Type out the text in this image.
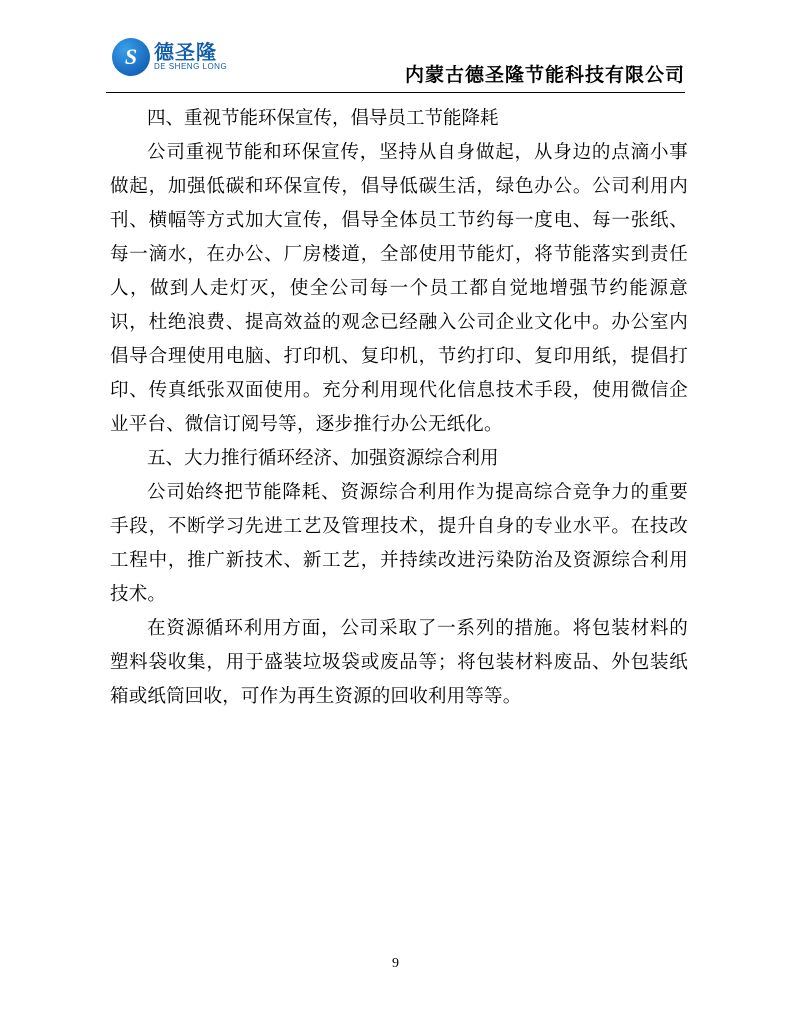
S
德圣隆
DE SHENG LONG	内蒙古德圣隆节能科技有限公司

四、重视节能环保宣传，倡导员工节能降耗

公司重视节能和环保宣传，坚持从自身做起，从身边的点滴小事做起，加强低碳和环保宣传，倡导低碳生活，绿色办公。公司利用内刊、横幅等方式加大宣传，倡导全体员工节约每一度电、每一张纸、每一滴水，在办公、厂房楼道，全部使用节能灯，将节能落实到责任人，做到人走灯灭，使全公司每一个员工都自觉地增强节约能源意识，杜绝浪费、提高效益的观念已经融入公司企业文化中。办公室内倡导合理使用电脑、打印机、复印机，节约打印、复印用纸，提倡打印、传真纸张双面使用。充分利用现代化信息技术手段，使用微信企业平台、微信订阅号等，逐步推行办公无纸化。

五、大力推行循环经济、加强资源综合利用

公司始终把节能降耗、资源综合利用作为提高综合竞争力的重要手段，不断学习先进工艺及管理技术，提升自身的专业水平。在技改工程中，推广新技术、新工艺，并持续改进污染防治及资源综合利用技术。

在资源循环利用方面，公司采取了一系列的措施。将包装材料的塑料袋收集，用于盛装垃圾袋或废品等；将包装材料废品、外包装纸箱或纸筒回收，可作为再生资源的回收利用等等。

9
